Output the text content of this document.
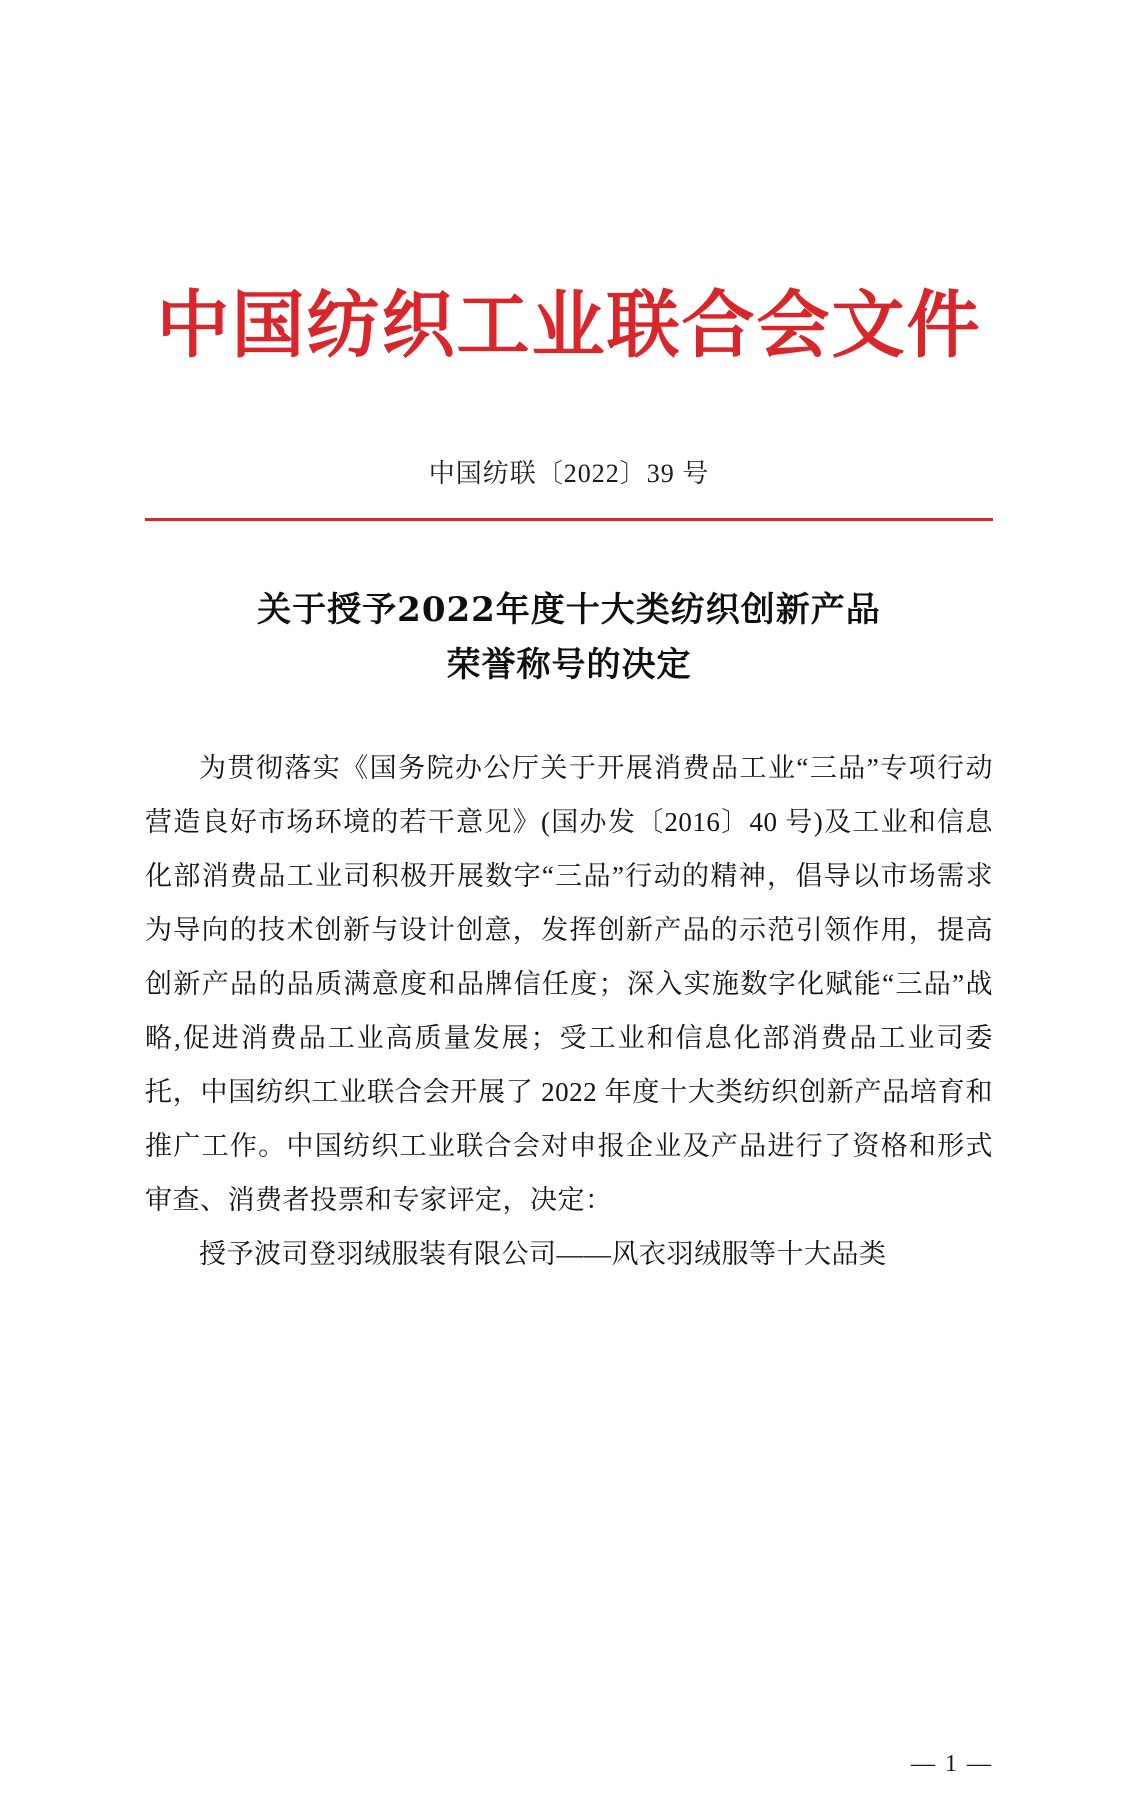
中国纺织工业联合会文件
中国纺联〔2022〕39 号
关于授予2022年度十大类纺织创新产品
荣誉称号的决定

为贯彻落实《国务院办公厅关于开展消费品工业“三品”专项行动营造良好市场环境的若干意见》(国办发〔2016〕40 号)及工业和信息化部消费品工业司积极开展数字“三品”行动的精神，倡导以市场需求为导向的技术创新与设计创意，发挥创新产品的示范引领作用，提高创新产品的品质满意度和品牌信任度；深入实施数字化赋能“三品”战略,促进消费品工业高质量发展；受工业和信息化部消费品工业司委托，中国纺织工业联合会开展了 2022 年度十大类纺织创新产品培育和推广工作。中国纺织工业联合会对申报企业及产品进行了资格和形式审查、消费者投票和专家评定，决定：

授予波司登羽绒服装有限公司——风衣羽绒服等十大品类

— 1 —
